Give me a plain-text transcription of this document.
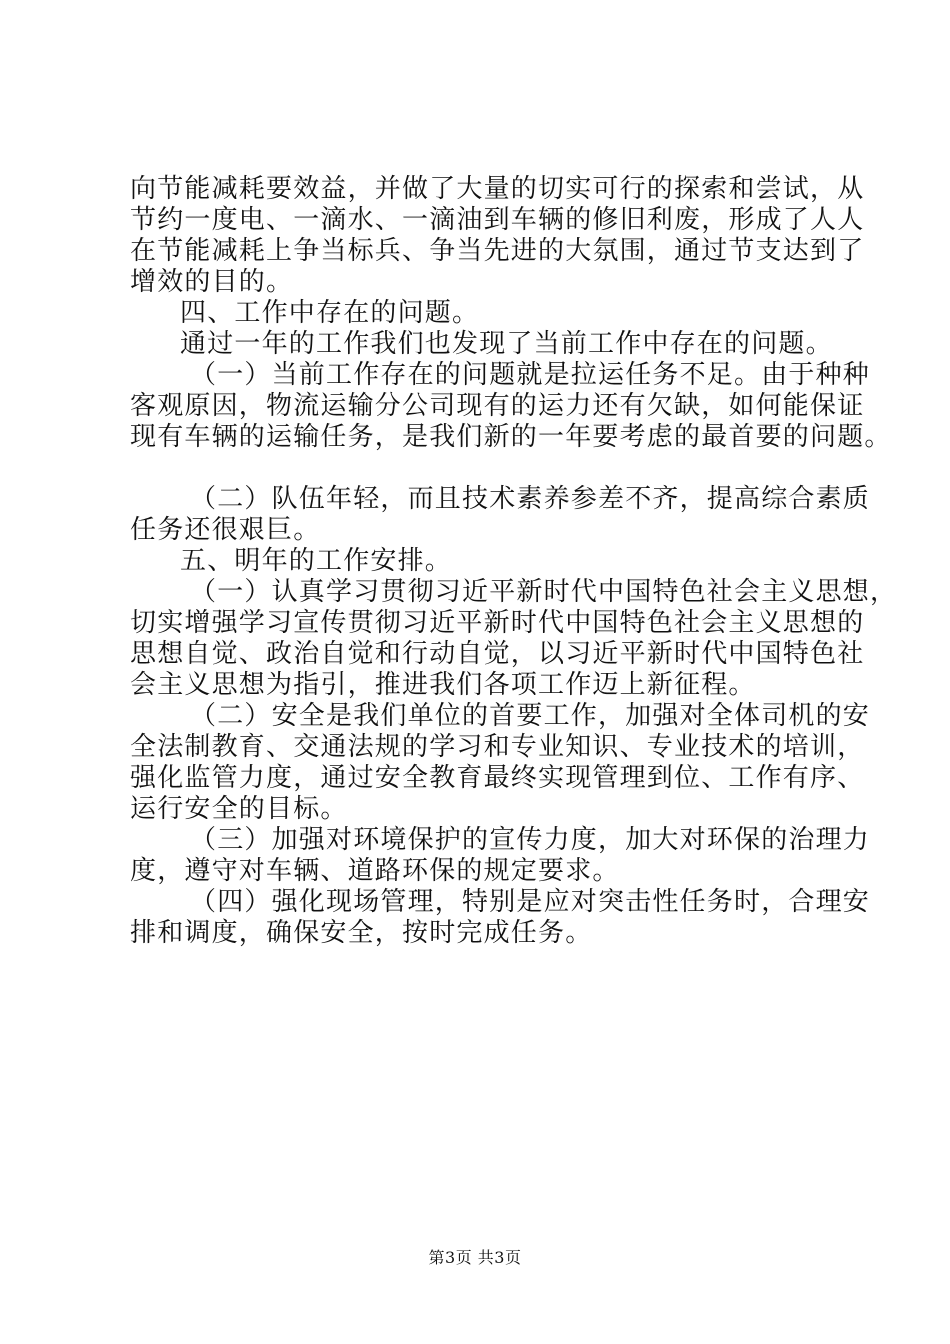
向节能减耗要效益，并做了大量的切实可行的探索和尝试，从
节约一度电、一滴水、一滴油到车辆的修旧利废，形成了人人
在节能减耗上争当标兵、争当先进的大氛围，通过节支达到了
增效的目的。
四、工作中存在的问题。
通过一年的工作我们也发现了当前工作中存在的问题。
（一）当前工作存在的问题就是拉运任务不足。由于种种
客观原因，物流运输分公司现有的运力还有欠缺，如何能保证
现有车辆的运输任务，是我们新的一年要考虑的最首要的问题。
（二）队伍年轻，而且技术素养参差不齐，提高综合素质
任务还很艰巨。
五、明年的工作安排。
（一）认真学习贯彻习近平新时代中国特色社会主义思想，
切实增强学习宣传贯彻习近平新时代中国特色社会主义思想的
思想自觉、政治自觉和行动自觉，以习近平新时代中国特色社
会主义思想为指引，推进我们各项工作迈上新征程。
（二）安全是我们单位的首要工作，加强对全体司机的安
全法制教育、交通法规的学习和专业知识、专业技术的培训，
强化监管力度，通过安全教育最终实现管理到位、工作有序、
运行安全的目标。
（三）加强对环境保护的宣传力度，加大对环保的治理力
度，遵守对车辆、道路环保的规定要求。
（四）强化现场管理，特别是应对突击性任务时，合理安
排和调度，确保安全，按时完成任务。
第3页 共3页
